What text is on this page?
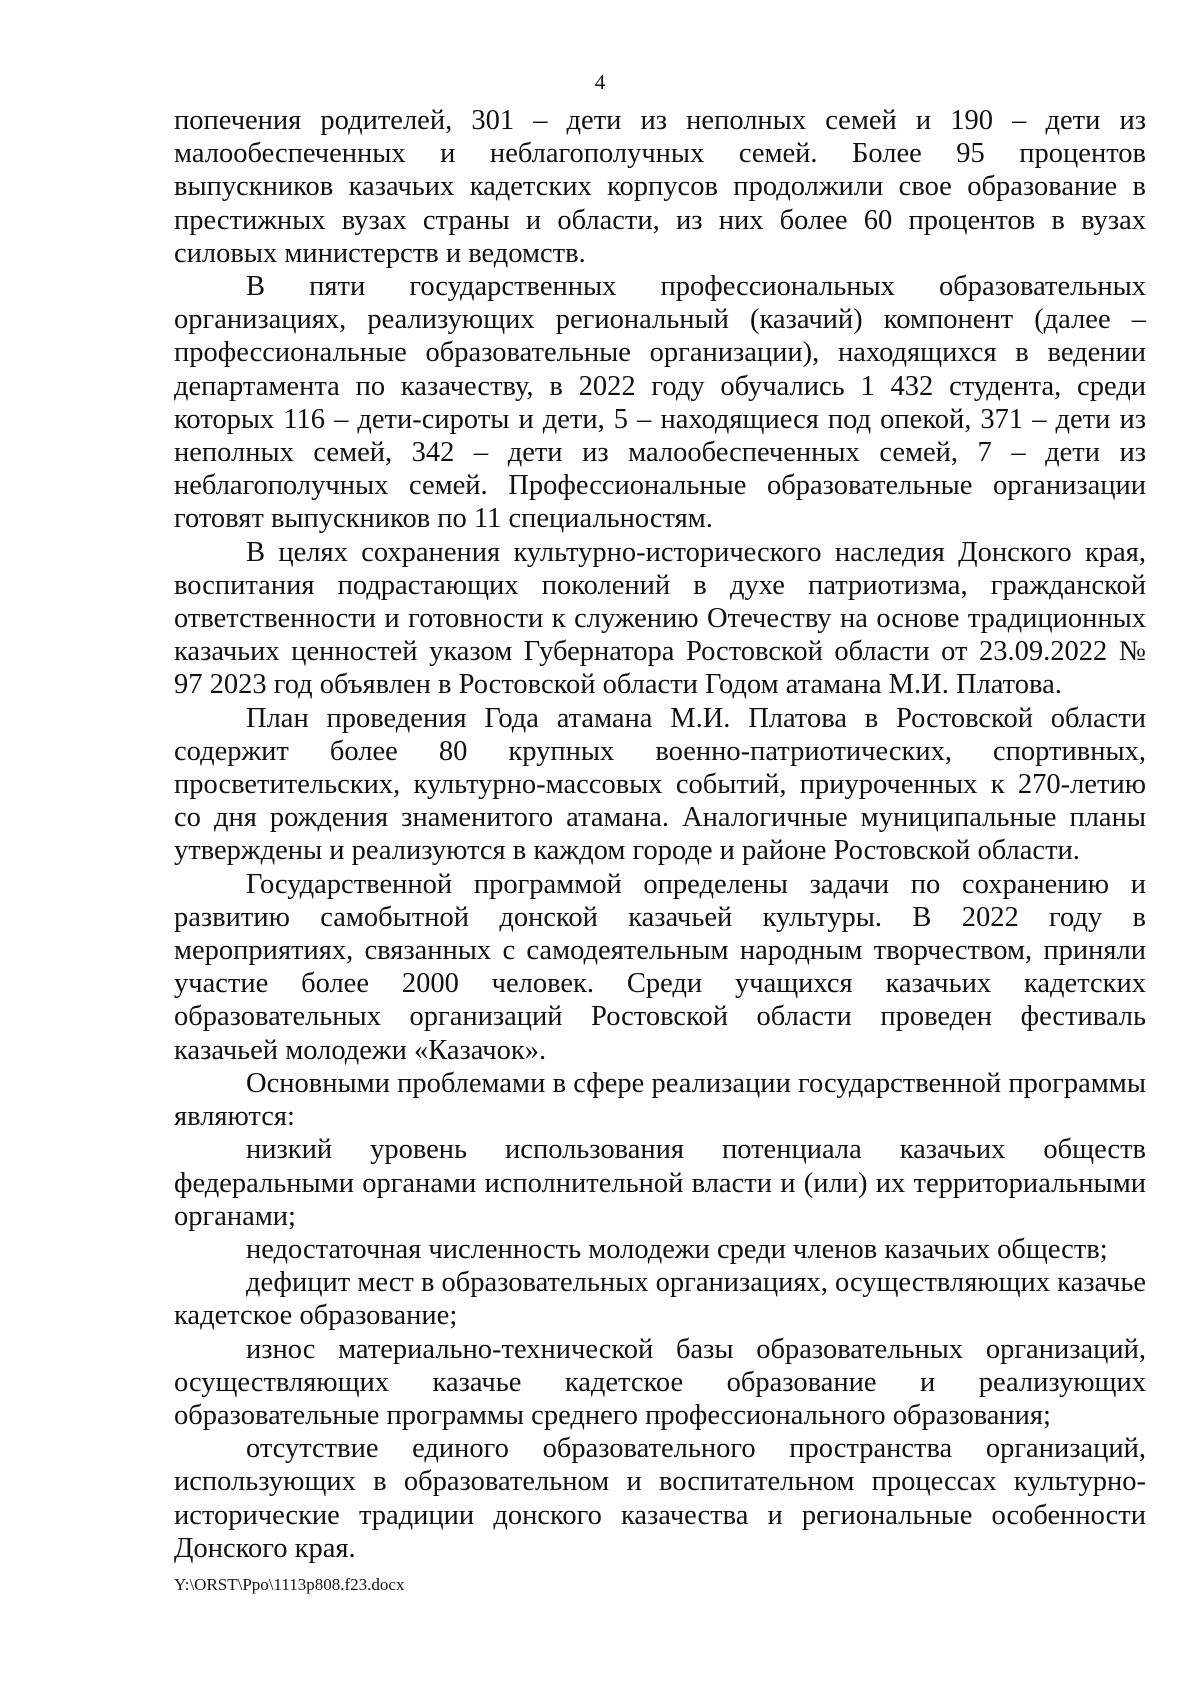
4

попечения родителей, 301 – дети из неполных семей и 190 – дети из малообеспеченных и неблагополучных семей. Более 95 процентов выпускников казачьих кадетских корпусов продолжили свое образование в престижных вузах страны и области, из них более 60 процентов в вузах силовых министерств и ведомств.

В пяти государственных профессиональных образовательных организациях, реализующих региональный (казачий) компонент (далее – профессиональные образовательные организации), находящихся в ведении департамента по казачеству, в 2022 году обучались 1 432 студента, среди которых 116 – дети-сироты и дети, 5 – находящиеся под опекой, 371 – дети из неполных семей, 342 – дети из малообеспеченных семей, 7 – дети из неблагополучных семей. Профессиональные образовательные организации готовят выпускников по 11 специальностям.

В целях сохранения культурно-исторического наследия Донского края, воспитания подрастающих поколений в духе патриотизма, гражданской ответственности и готовности к служению Отечеству на основе традиционных казачьих ценностей указом Губернатора Ростовской области от 23.09.2022 № 97 2023 год объявлен в Ростовской области Годом атамана М.И. Платова.

План проведения Года атамана М.И. Платова в Ростовской области содержит более 80 крупных военно-патриотических, спортивных, просветительских, культурно-массовых событий, приуроченных к 270-летию со дня рождения знаменитого атамана. Аналогичные муниципальные планы утверждены и реализуются в каждом городе и районе Ростовской области.

Государственной программой определены задачи по сохранению и развитию самобытной донской казачьей культуры. В 2022 году в мероприятиях, связанных с самодеятельным народным творчеством, приняли участие более 2000 человек. Среди учащихся казачьих кадетских образовательных организаций Ростовской области проведен фестиваль казачьей молодежи «Казачок».

Основными проблемами в сфере реализации государственной программы являются:

низкий уровень использования потенциала казачьих обществ федеральными органами исполнительной власти и (или) их территориальными органами;

недостаточная численность молодежи среди членов казачьих обществ;

дефицит мест в образовательных организациях, осуществляющих казачье кадетское образование;

износ материально-технической базы образовательных организаций, осуществляющих казачье кадетское образование и реализующих образовательные программы среднего профессионального образования;

отсутствие единого образовательного пространства организаций, использующих в образовательном и воспитательном процессах культурно-исторические традиции донского казачества и региональные особенности Донского края.

Y:\ORST\Ppo\1113p808.f23.docx
